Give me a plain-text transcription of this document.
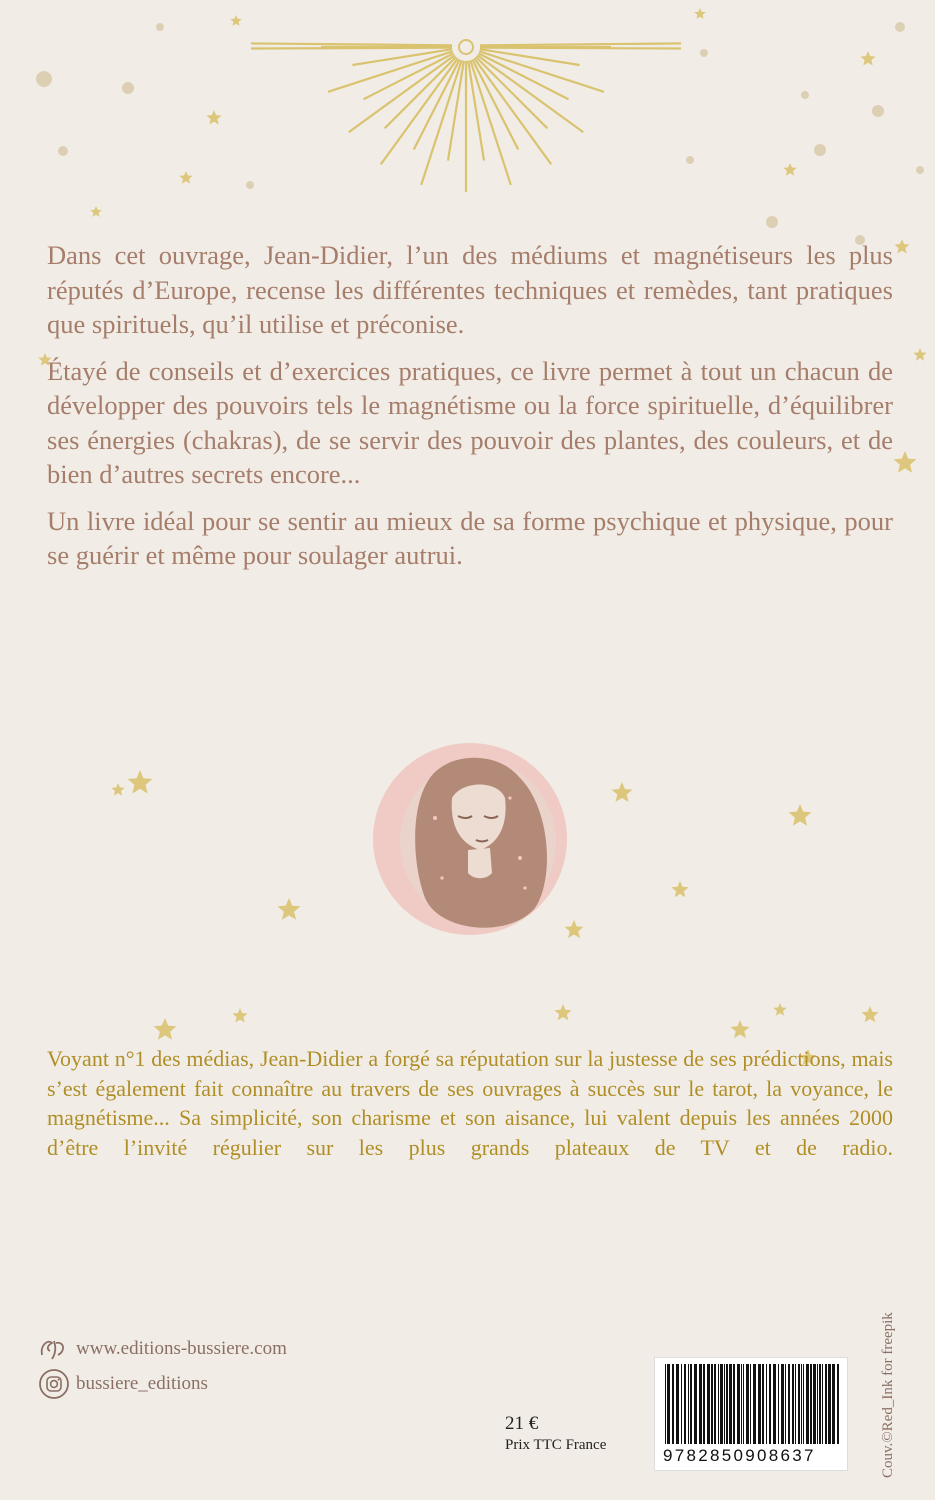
Dans cet ouvrage, Jean-Didier, l’un des médiums et magnétiseurs les plus réputés d’Europe, recense les différentes techniques et remèdes, tant pratiques que spirituels, qu’il utilise et préconise.

Étayé de conseils et d’exercices pratiques, ce livre permet à tout un chacun de développer des pouvoirs tels le magnétisme ou la force spirituelle, d’équilibrer ses énergies (chakras), de se servir des pouvoir des plantes, des couleurs, et de bien d’autres secrets encore...

Un livre idéal pour se sentir au mieux de sa forme psychique et physique, pour se guérir et même pour soulager autrui.

Voyant n°1 des médias, Jean-Didier a forgé sa réputation sur la justesse de ses prédictions, mais s’est également fait connaître au travers de ses ouvrages à succès sur le tarot, la voyance, le magnétisme... Sa simplicité, son charisme et son aisance, lui valent depuis les années 2000 d’être l’invité régulier sur les plus grands plateaux de TV et de radio.
www.editions-bussiere.com
bussiere_editions
21 €
Prix TTC France
9782850908637	Couv.©Red_Ink for freepik
